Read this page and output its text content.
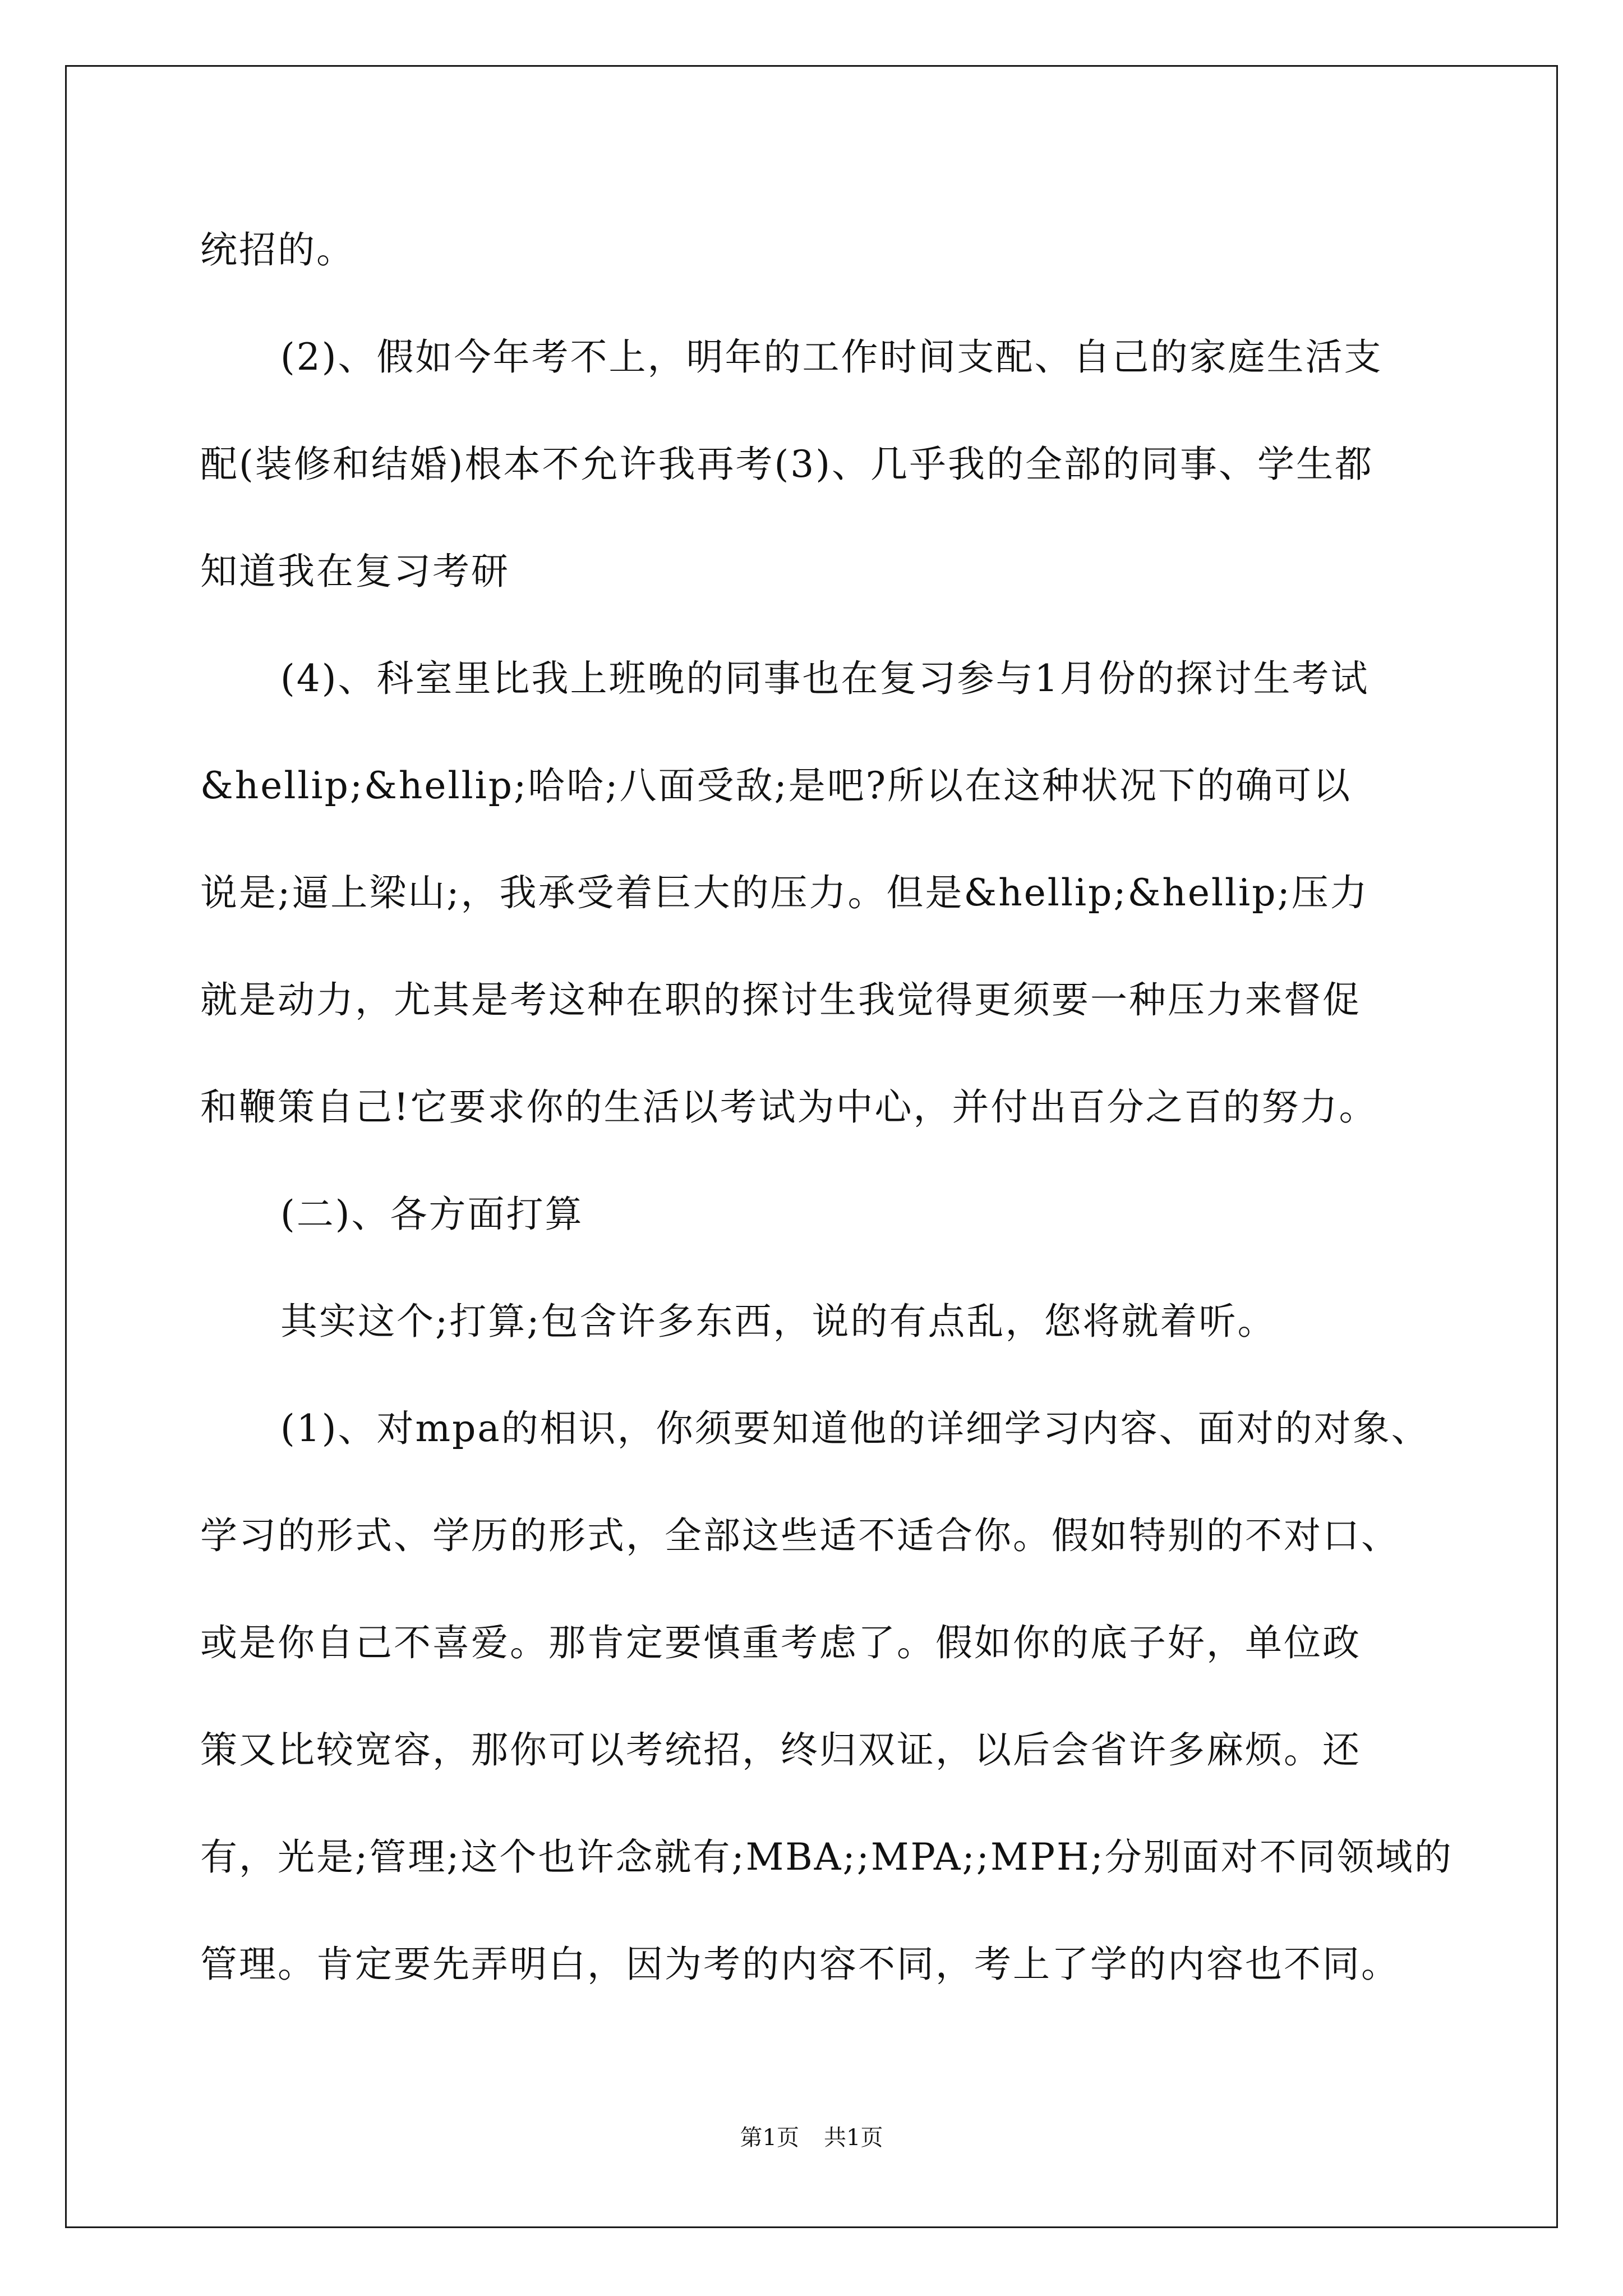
统招的。
(2)、假如今年考不上，明年的工作时间支配、自己的家庭生活支
配(装修和结婚)根本不允许我再考(3)、几乎我的全部的同事、学生都
知道我在复习考研
(4)、科室里比我上班晚的同事也在复习参与1月份的探讨生考试
&hellip;&hellip;哈哈;八面受敌;是吧?所以在这种状况下的确可以
说是;逼上梁山;，我承受着巨大的压力。但是&hellip;&hellip;压力
就是动力，尤其是考这种在职的探讨生我觉得更须要一种压力来督促
和鞭策自己!它要求你的生活以考试为中心，并付出百分之百的努力。
(二)、各方面打算
其实这个;打算;包含许多东西，说的有点乱，您将就着听。
(1)、对mpa的相识，你须要知道他的详细学习内容、面对的对象、
学习的形式、学历的形式，全部这些适不适合你。假如特别的不对口、
或是你自己不喜爱。那肯定要慎重考虑了。假如你的底子好，单位政
策又比较宽容，那你可以考统招，终归双证，以后会省许多麻烦。还
有，光是;管理;这个也许念就有;MBA;;MPA;;MPH;分别面对不同领域的
管理。肯定要先弄明白，因为考的内容不同，考上了学的内容也不同。
第1页 共1页
